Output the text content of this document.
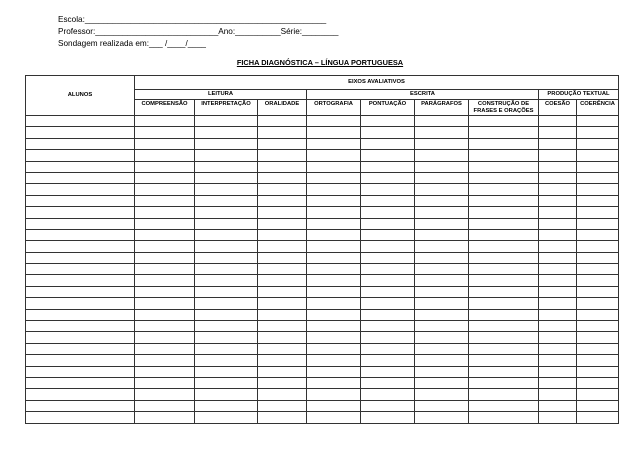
Escola:_____________________________________________________
Professor:___________________________Ano:__________Série:________
Sondagem realizada em:___ /____/____
FICHA DIAGNÓSTICA – LÍNGUA PORTUGUESA
ALUNOS	EIXOS AVALIATIVOS								
	LEITURA			ESCRITA				PRODUÇÃO TEXTUAL	
	COMPREENSÃO	INTERPRETAÇÃO	ORALIDADE	ORTOGRAFIA	PONTUAÇÃO	PARÁGRAFOS	CONSTRUÇÃO DE FRASES E ORAÇÕES	COESÃO	COERÊNCIA
